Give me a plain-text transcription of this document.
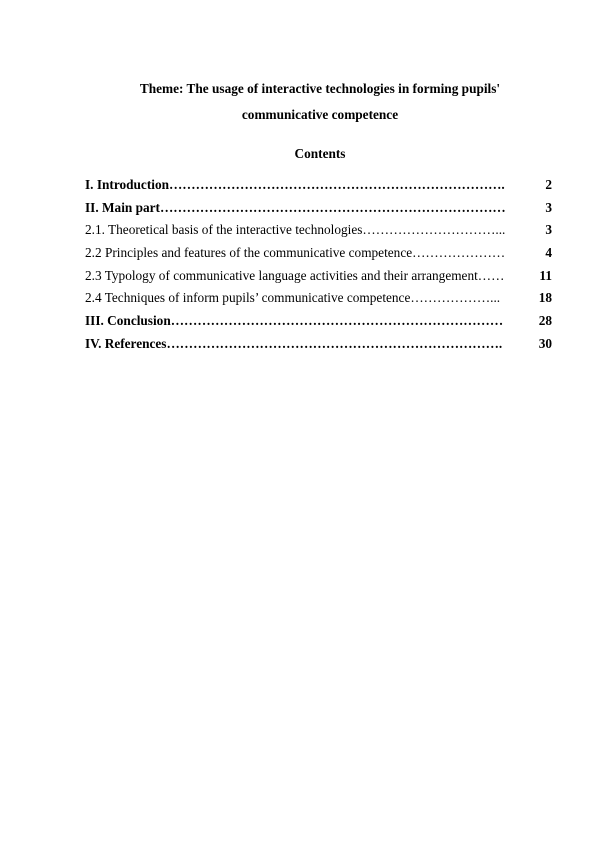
Theme: The usage of interactive technologies in forming pupils'
communicative competence
Contents
I. Introduction………………………………………………………………….	2
II. Main part……………………………………………………………………	3
2.1. Theoretical basis of the interactive technologies…………………………...	3
2.2 Principles and features of the communicative competence…………………	4
2.3 Typology of communicative language activities and their arrangement……	11
2.4 Techniques of inform pupils’ communicative competence………………...	18
III. Conclusion…………………………………………………………………	28
IV. References………………………………………………………………….	30
